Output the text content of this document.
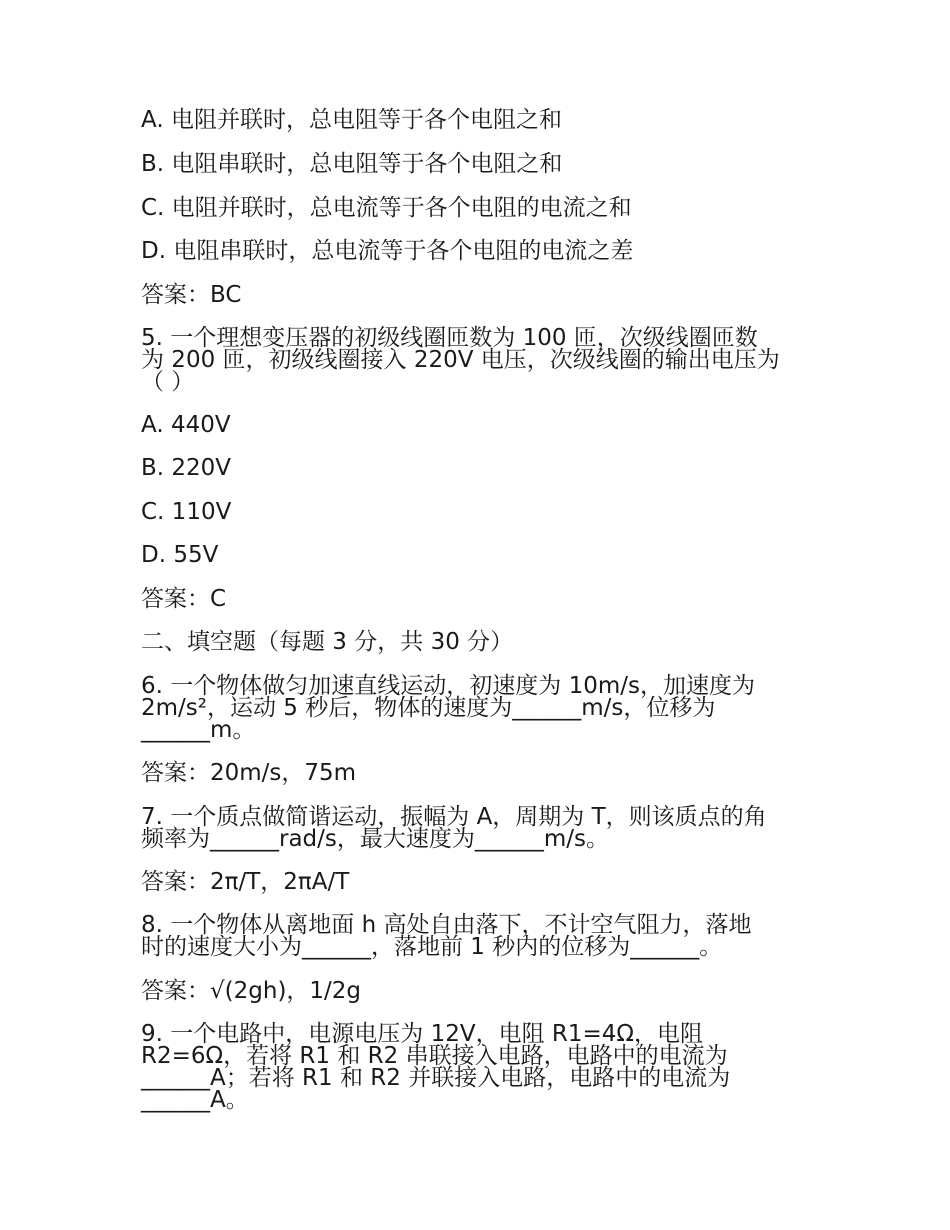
A. 电阻并联时，总电阻等于各个电阻之和

B. 电阻串联时，总电阻等于各个电阻之和

C. 电阻并联时，总电流等于各个电阻的电流之和

D. 电阻串联时，总电流等于各个电阻的电流之差

答案：BC

5. 一个理想变压器的初级线圈匝数为 100 匝，次级线圈匝数

为 200 匝，初级线圈接入 220V 电压，次级线圈的输出电压为

（ ）

A. 440V

B. 220V

C. 110V

D. 55V

答案：C

二、填空题（每题 3 分，共 30 分）

6. 一个物体做匀加速直线运动，初速度为 10m/s，加速度为

2m/s²，运动 5 秒后，物体的速度为______m/s，位移为

______m。

答案：20m/s，75m

7. 一个质点做简谐运动，振幅为 A，周期为 T，则该质点的角

频率为______rad/s，最大速度为______m/s。

答案：2π/T，2πA/T

8. 一个物体从离地面 h 高处自由落下，不计空气阻力，落地

时的速度大小为______，落地前 1 秒内的位移为______。

答案：√(2gh)，1/2g

9. 一个电路中，电源电压为 12V，电阻 R1=4Ω，电阻

R2=6Ω，若将 R1 和 R2 串联接入电路，电路中的电流为

______A；若将 R1 和 R2 并联接入电路，电路中的电流为

______A。
